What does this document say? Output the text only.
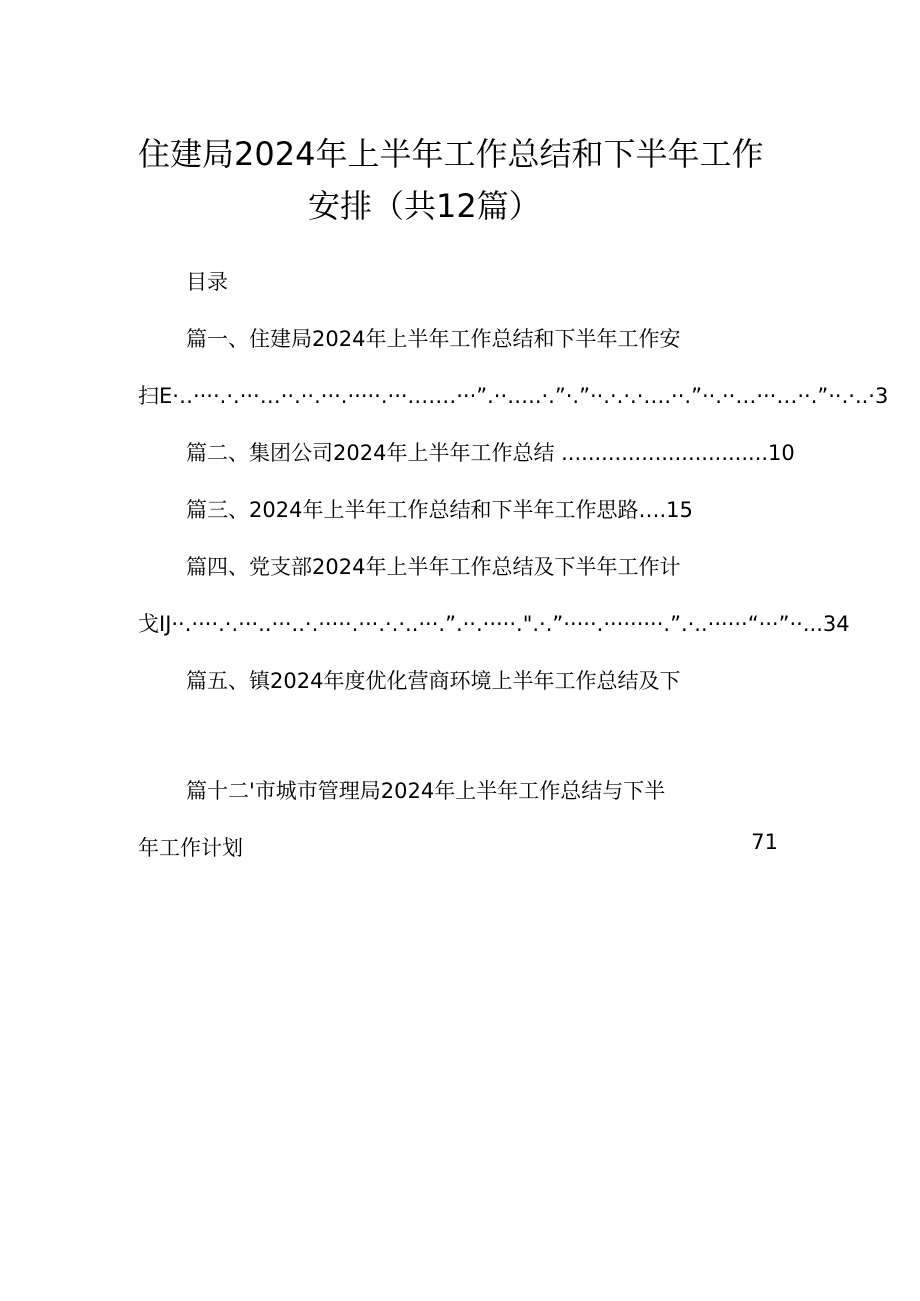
住建局2024年上半年工作总结和下半年工作
安排（共12篇）
目录
篇一、住建局2024年上半年工作总结和下半年工作安
扫E·‥····.·.···…··.··.···.·····.···.……···”.··…..·.”·.”··.·.·.·….··.”··.··…···…··.”··.·..·3
篇二、集团公司2024年上半年工作总结 ...............................10
篇三、2024年上半年工作总结和下半年工作思路….15
篇四、党支部2024年上半年工作总结及下半年工作计
戈IJ··.····.·.···..···..·.·····.···.·.·..···.”.··.·····.".·.”·····.·········.”.·..······“···”··...34
篇五、镇2024年度优化营商环境上半年工作总结及下
篇十二'市城市管理局2024年上半年工作总结与下半
年工作计划	71
